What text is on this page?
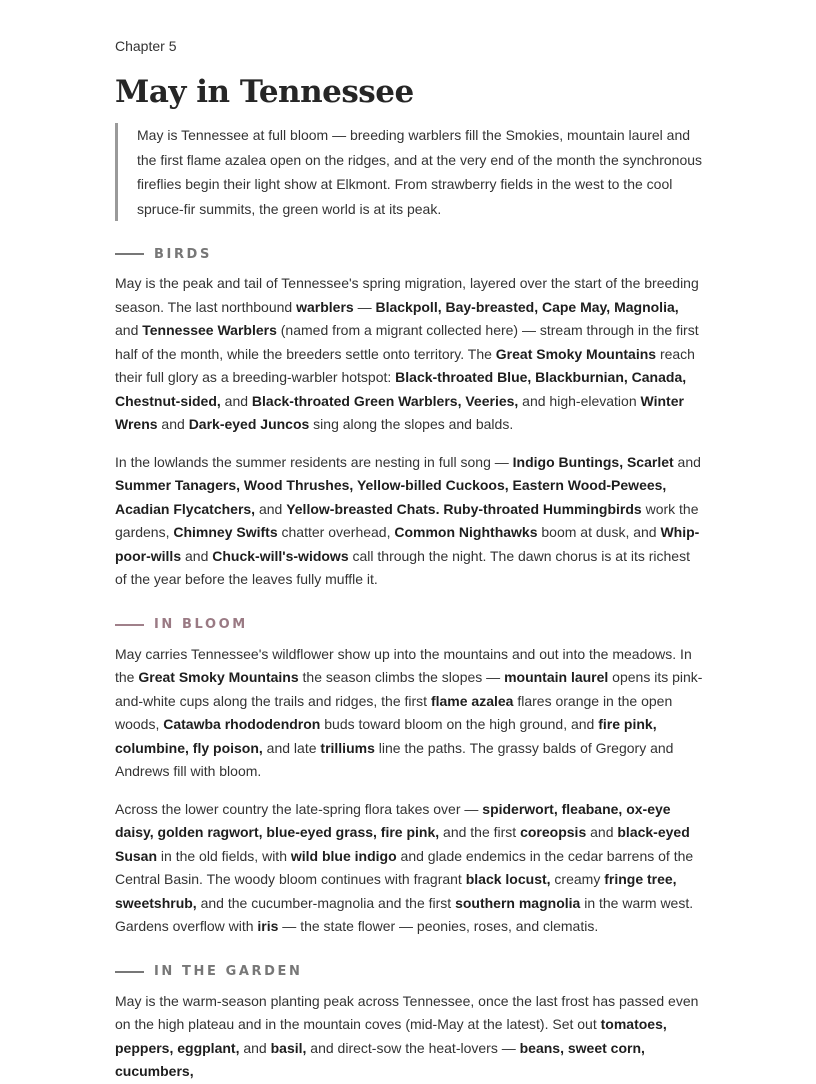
Chapter 5

May in Tennessee
May is Tennessee at full bloom — breeding warblers fill the Smokies, mountain laurel and the first flame azalea open on the ridges, and at the very end of the month the synchronous fireflies begin their light show at Elkmont. From strawberry fields in the west to the cool spruce-fir summits, the green world is at its peak.
BIRDS

May is the peak and tail of Tennessee's spring migration, layered over the start of the breeding season. The last northbound warblers — Blackpoll, Bay-breasted, Cape May, Magnolia, and Tennessee Warblers (named from a migrant collected here) — stream through in the first half of the month, while the breeders settle onto territory. The Great Smoky Mountains reach their full glory as a breeding-warbler hotspot: Black-throated Blue, Blackburnian, Canada, Chestnut-sided, and Black-throated Green Warblers, Veeries, and high-elevation Winter Wrens and Dark-eyed Juncos sing along the slopes and balds.

In the lowlands the summer residents are nesting in full song — Indigo Buntings, Scarlet and Summer Tanagers, Wood Thrushes, Yellow-billed Cuckoos, Eastern Wood-Pewees, Acadian Flycatchers, and Yellow-breasted Chats. Ruby-throated Hummingbirds work the gardens, Chimney Swifts chatter overhead, Common Nighthawks boom at dusk, and Whip-poor-wills and Chuck-will's-widows call through the night. The dawn chorus is at its richest of the year before the leaves fully muffle it.

IN BLOOM

May carries Tennessee's wildflower show up into the mountains and out into the meadows. In the Great Smoky Mountains the season climbs the slopes — mountain laurel opens its pink-and-white cups along the trails and ridges, the first flame azalea flares orange in the open woods, Catawba rhododendron buds toward bloom on the high ground, and fire pink, columbine, fly poison, and late trilliums line the paths. The grassy balds of Gregory and Andrews fill with bloom.

Across the lower country the late-spring flora takes over — spiderwort, fleabane, ox-eye daisy, golden ragwort, blue-eyed grass, fire pink, and the first coreopsis and black-eyed Susan in the old fields, with wild blue indigo and glade endemics in the cedar barrens of the Central Basin. The woody bloom continues with fragrant black locust, creamy fringe tree, sweetshrub, and the cucumber-magnolia and the first southern magnolia in the warm west. Gardens overflow with iris — the state flower — peonies, roses, and clematis.

IN THE GARDEN

May is the warm-season planting peak across Tennessee, once the last frost has passed even on the high plateau and in the mountain coves (mid-May at the latest). Set out tomatoes, peppers, eggplant, and basil, and direct-sow the heat-lovers — beans, sweet corn, cucumbers,
